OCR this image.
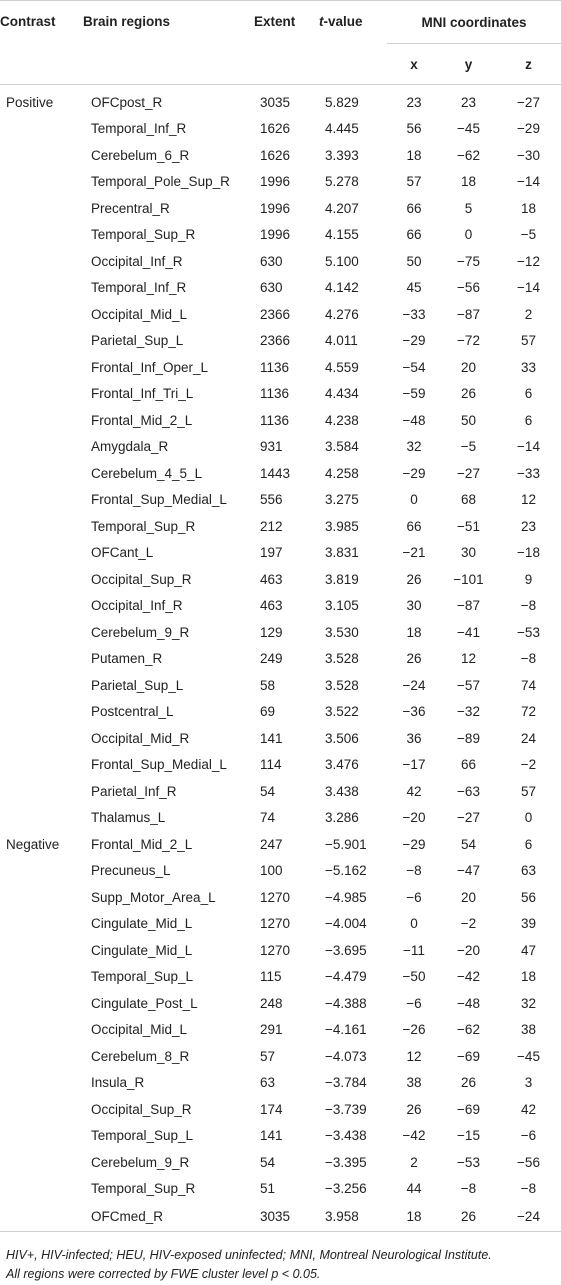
Contrast	Brain regions	Extent	t-value	MNI coordinates		
				x	y	z
Positive	OFCpost_R	3035	5.829	23	23	−27
	Temporal_Inf_R	1626	4.445	56	−45	−29
	Cerebelum_6_R	1626	3.393	18	−62	−30
	Temporal_Pole_Sup_R	1996	5.278	57	18	−14
	Precentral_R	1996	4.207	66	5	18
	Temporal_Sup_R	1996	4.155	66	0	−5
	Occipital_Inf_R	630	5.100	50	−75	−12
	Temporal_Inf_R	630	4.142	45	−56	−14
	Occipital_Mid_L	2366	4.276	−33	−87	2
	Parietal_Sup_L	2366	4.011	−29	−72	57
	Frontal_Inf_Oper_L	1136	4.559	−54	20	33
	Frontal_Inf_Tri_L	1136	4.434	−59	26	6
	Frontal_Mid_2_L	1136	4.238	−48	50	6
	Amygdala_R	931	3.584	32	−5	−14
	Cerebelum_4_5_L	1443	4.258	−29	−27	−33
	Frontal_Sup_Medial_L	556	3.275	0	68	12
	Temporal_Sup_R	212	3.985	66	−51	23
	OFCant_L	197	3.831	−21	30	−18
	Occipital_Sup_R	463	3.819	26	−101	9
	Occipital_Inf_R	463	3.105	30	−87	−8
	Cerebelum_9_R	129	3.530	18	−41	−53
	Putamen_R	249	3.528	26	12	−8
	Parietal_Sup_L	58	3.528	−24	−57	74
	Postcentral_L	69	3.522	−36	−32	72
	Occipital_Mid_R	141	3.506	36	−89	24
	Frontal_Sup_Medial_L	114	3.476	−17	66	−2
	Parietal_Inf_R	54	3.438	42	−63	57
	Thalamus_L	74	3.286	−20	−27	0
Negative	Frontal_Mid_2_L	247	−5.901	−29	54	6
	Precuneus_L	100	−5.162	−8	−47	63
	Supp_Motor_Area_L	1270	−4.985	−6	20	56
	Cingulate_Mid_L	1270	−4.004	0	−2	39
	Cingulate_Mid_L	1270	−3.695	−11	−20	47
	Temporal_Sup_L	115	−4.479	−50	−42	18
	Cingulate_Post_L	248	−4.388	−6	−48	32
	Occipital_Mid_L	291	−4.161	−26	−62	38
	Cerebelum_8_R	57	−4.073	12	−69	−45
	Insula_R	63	−3.784	38	26	3
	Occipital_Sup_R	174	−3.739	26	−69	42
	Temporal_Sup_L	141	−3.438	−42	−15	−6
	Cerebelum_9_R	54	−3.395	2	−53	−56
	Temporal_Sup_R	51	−3.256	44	−8	−8
	OFCmed_R	3035	3.958	18	26	−24
HIV+, HIV-infected; HEU, HIV-exposed uninfected; MNI, Montreal Neurological Institute.
All regions were corrected by FWE cluster level p < 0.05.
